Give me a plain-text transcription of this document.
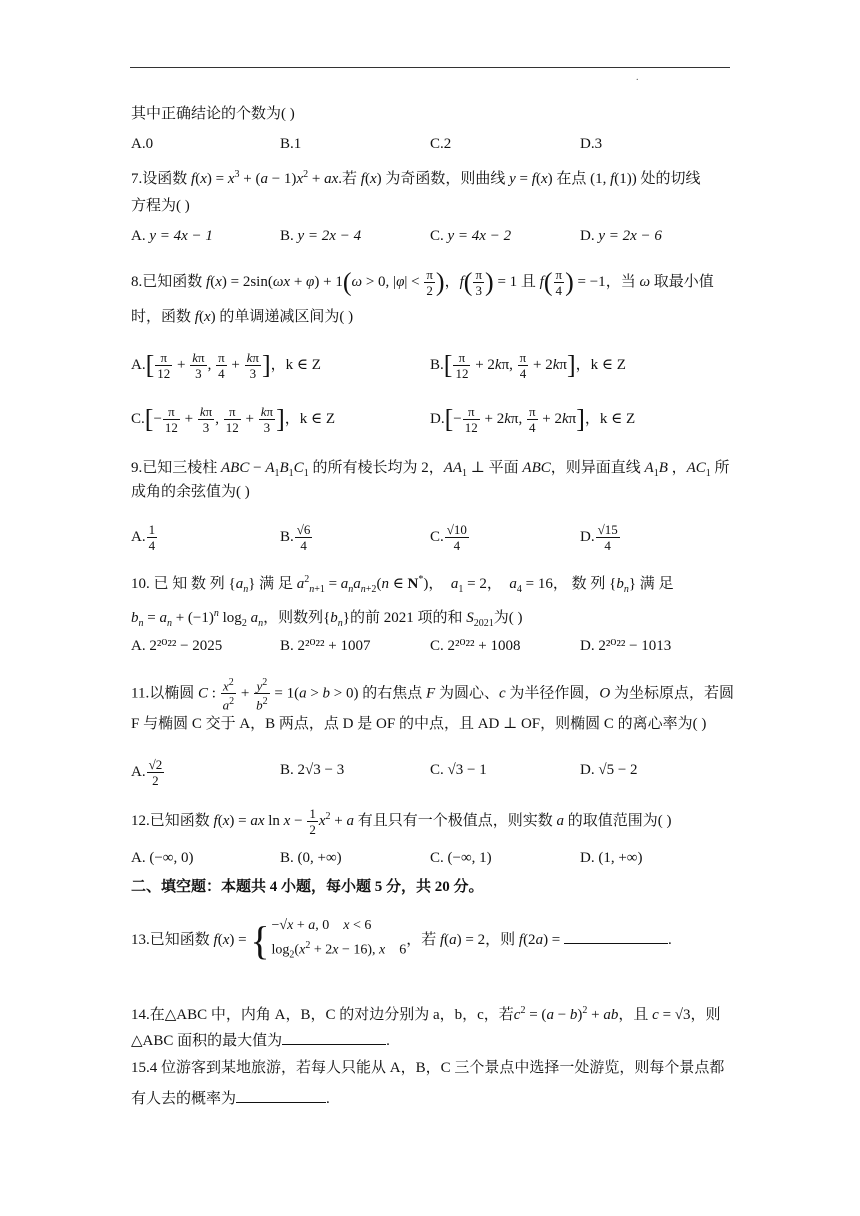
.
其中正确结论的个数为( )
A.0	B.1	C.2	D.3
7.设函数 $f(x) = x^3 + (a - 1)x^2$ + ax.若 f(x) 为奇函数，则曲线 y = f(x) 在点 (1, f(1)) 处的切线
方程为( )
A. y = 4x − 1	B. y = 2x − 4	C. y = 4x − 2	D. y = 2x − 6
8.已知函数 f(x) = 2sin(ωx + φ) + 1(ω > 0, $|\varphi| < \frac{\pi}{2}$ )，$f( \frac{\pi}{3}$ ) = 1 且 $f( \frac{\pi}{4}$ ) = −1，当 ω 取最小值
时，函数 f(x) 的单调递减区间为( )
$A.[ \frac{\pi}{12} + \frac{k\pi}{3}$ , $\frac{\pi}{4} + \frac{k\pi}{3}$ ]，k ∈ Z	$B.[ \frac{\pi}{12} + 2k\pi$, $\frac{\pi}{4} + 2k\pi$]，k ∈ Z
$C.[- \frac{\pi}{12} + \frac{k\pi}{3}$ , $\frac{\pi}{12} + \frac{k\pi}{3}$ ]，k ∈ Z	$D.[- \frac{\pi}{12} + 2k\pi$, $\frac{\pi}{4} + 2k\pi$]，k ∈ Z
9.已知三棱柱 ABC − $A_1B_1C_1$ 的所有棱长均为 2，$AA_1$ ⊥ 平面 ABC，则异面直线 $A_1B$ ，$AC_1$ 所
成角的余弦值为( )
A. $\frac{1}{4}$	B. $\frac{√6}{4}$	C. $\frac{√10}{4}$	D. $\frac{√15}{4}$
10. 已 知 数 列 $\{a_n\}$ 满 足 $a^2_{n+1} = a_na_{n+2}(n$ ∈ N*)， $a_1 = 2$， $a_4 = 16$， 数 列 $\{b_n\}$ 满 足
$b_n = a_n + (-1)^n$ $\log_2 a_n$，则数列$\{b_n\}$的前 2021 项的和 $S_{2021}$为( )
A. 2²⁰²² − 2025	B. 2²⁰²² + 1007	C. 2²⁰²² + 1008	D. 2²⁰²² − 1013
11.以椭圆 C : $\frac{x^2}{a^2} + \frac{y^2}{b^2} = 1(a > b > 0)$ 的右焦点 F 为圆心、c 为半径作圆，O 为坐标原点，若圆
F 与椭圆 C 交于 A，B 两点，点 D 是 OF 的中点，且 AD ⊥ OF，则椭圆 C 的离心率为( )
A. $\frac{√2}{2}$	B. 2√3 − 3	C. √3 − 1	D. √5 − 2
12.已知函数 f(x) = ax $\ln x - \frac{1}{2} x^2 + a$ 有且只有一个极值点，则实数 a 的取值范围为( )
A. (−∞, 0)	B. (0, +∞)	C. (−∞, 1)	D. (1, +∞)
二、填空题：本题共 4 小题，每小题 5 分，共 20 分。
13.已知函数 f(x) = { −√x + a, 0    x < 6
$\log_2(x^2 + 2x - 16)$, x    6
，若 f(a) = 2，则 f(2a) =	.
14.在△ABC 中，内角 A，B，C 的对边分别为 a，b，c，若$c^2 = (a - b)^2$ + ab，且 c = √3，则
△ABC 面积的最大值为	.
15.4 位游客到某地旅游，若每人只能从 A，B，C 三个景点中选择一处游览，则每个景点都
有人去的概率为	.
